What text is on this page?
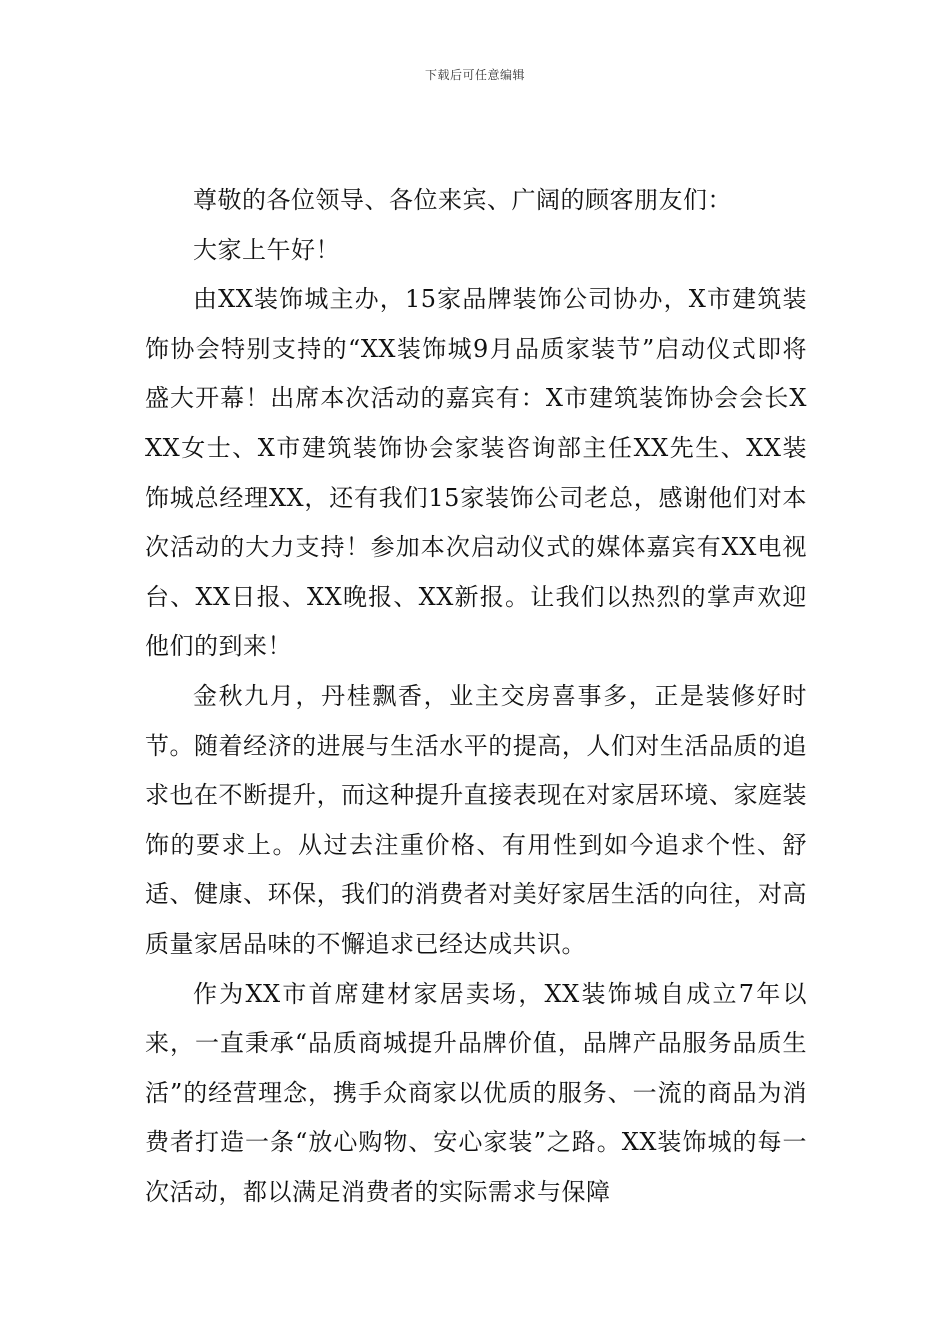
下载后可任意编辑

尊敬的各位领导、各位来宾、广阔的顾客朋友们：

大家上午好！

由XX装饰城主办，15家品牌装饰公司协办，X市建筑装饰协会特别支持的“XX装饰城9月品质家装节”启动仪式即将盛大开幕！出席本次活动的嘉宾有：X市建筑装饰协会会长XXX女士、X市建筑装饰协会家装咨询部主任XX先生、XX装饰城总经理XX，还有我们15家装饰公司老总，感谢他们对本次活动的大力支持！参加本次启动仪式的媒体嘉宾有XX电视台、XX日报、XX晚报、XX新报。让我们以热烈的掌声欢迎他们的到来！

金秋九月，丹桂飘香，业主交房喜事多，正是装修好时节。随着经济的进展与生活水平的提高，人们对生活品质的追求也在不断提升，而这种提升直接表现在对家居环境、家庭装饰的要求上。从过去注重价格、有用性到如今追求个性、舒适、健康、环保，我们的消费者对美好家居生活的向往，对高质量家居品味的不懈追求已经达成共识。

作为XX市首席建材家居卖场，XX装饰城自成立7年以来，一直秉承“品质商城提升品牌价值，品牌产品服务品质生活”的经营理念，携手众商家以优质的服务、一流的商品为消费者打造一条“放心购物、安心家装”之路。XX装饰城的每一次活动，都以满足消费者的实际需求与保障
